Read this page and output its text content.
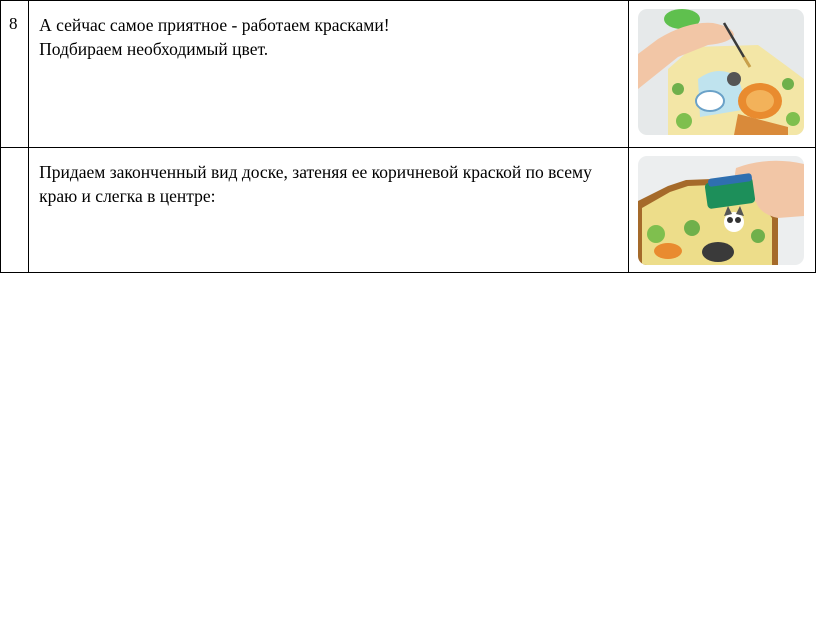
8	А сейчас самое приятное - работаем красками!

Подбираем необходимый цвет.

	Придаем законченный вид доске, затеняя ее коричневой краской по всему краю и слегка в центре:
